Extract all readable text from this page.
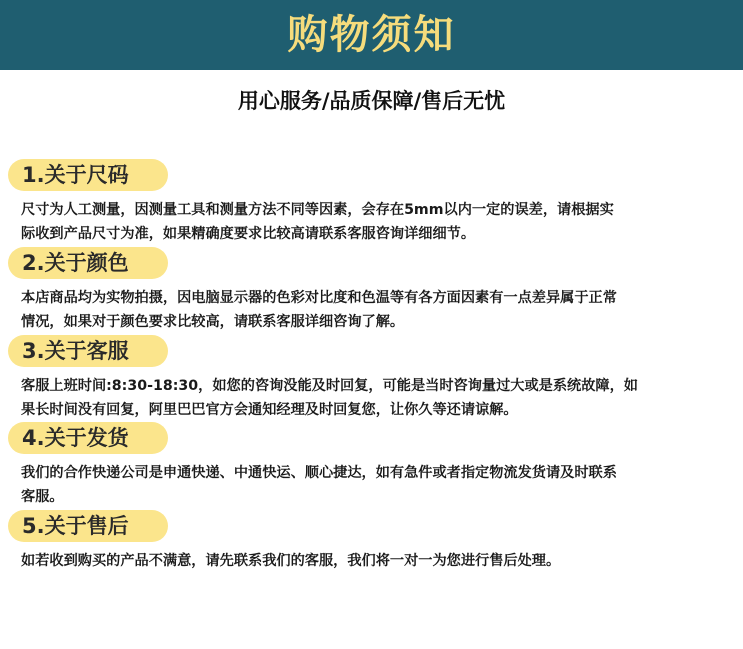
购物须知
用心服务/品质保障/售后无忧
1.关于尺码
尺寸为人工测量，因测量工具和测量方法不同等因素，会存在5mm以内一定的误差，请根据实
际收到产品尺寸为准，如果精确度要求比较高请联系客服咨询详细细节。
2.关于颜色
本店商品均为实物拍摄，因电脑显示器的色彩对比度和色温等有各方面因素有一点差异属于正常
情况，如果对于颜色要求比较高，请联系客服详细咨询了解。
3.关于客服
客服上班时间:8:30-18:30，如您的咨询没能及时回复，可能是当时咨询量过大或是系统故障，如
果长时间没有回复，阿里巴巴官方会通知经理及时回复您，让你久等还请谅解。
4.关于发货
我们的合作快递公司是申通快递、中通快运、顺心捷达，如有急件或者指定物流发货请及时联系
客服。
5.关于售后
如若收到购买的产品不满意，请先联系我们的客服，我们将一对一为您进行售后处理。
